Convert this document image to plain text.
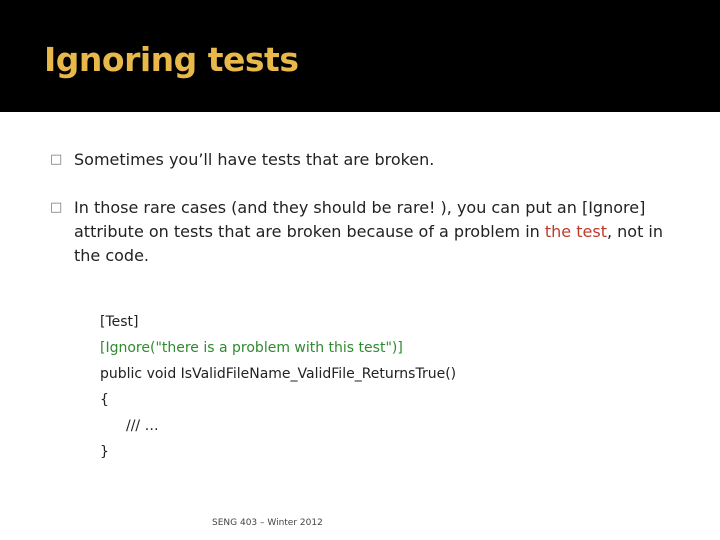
Ignoring tests
□ Sometimes you’ll have tests that are broken.
□ In those rare cases (and they should be rare! ), you can put an [Ignore] attribute on tests that are broken because of a problem in the test, not in the code.
[Test]
[Ignore("there is a problem with this test")]
public void IsValidFileName_ValidFile_ReturnsTrue()
{
/// …
}
SENG 403 – Winter 2012
